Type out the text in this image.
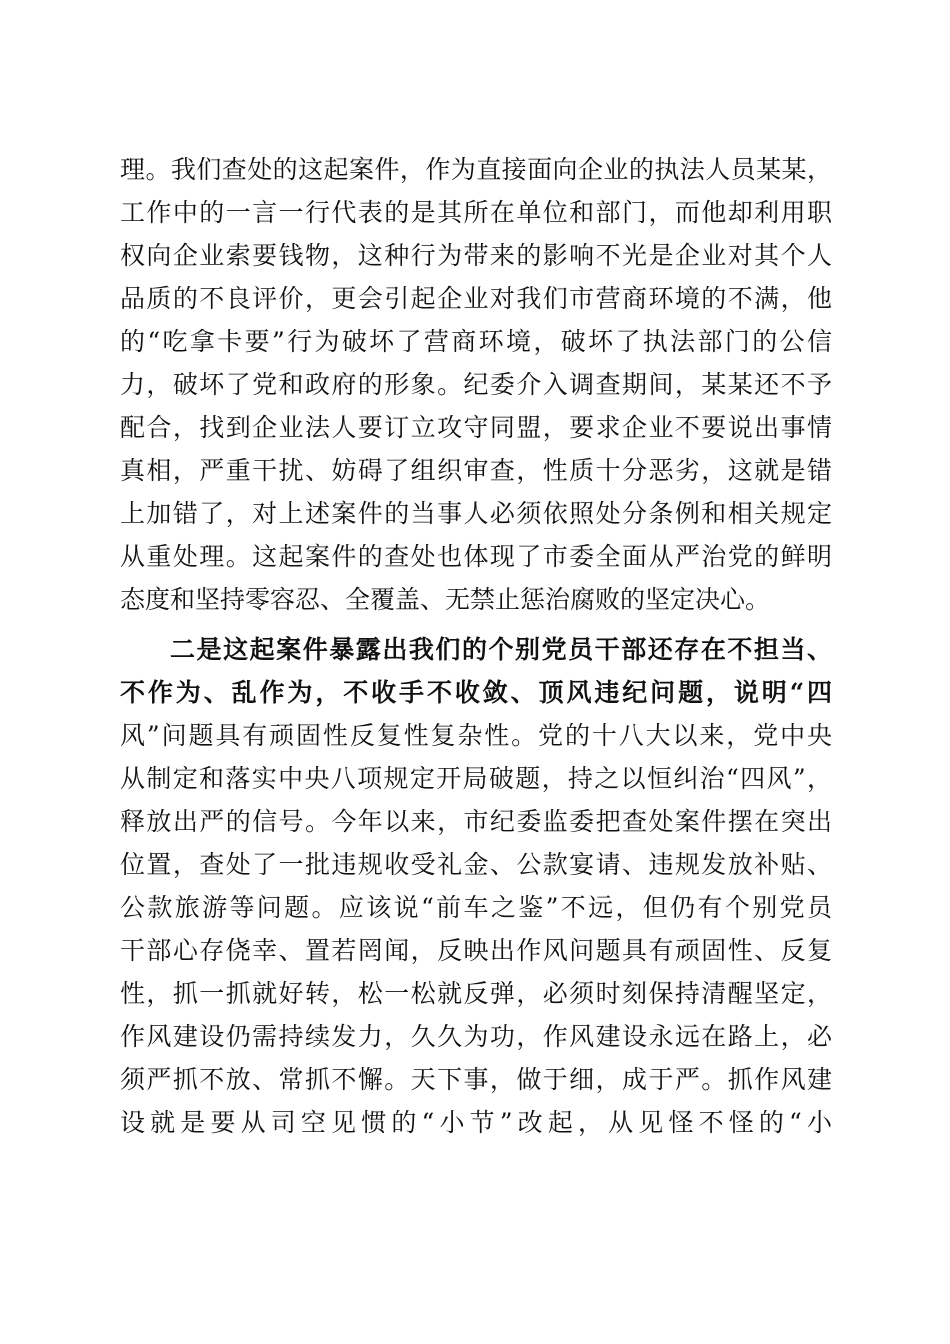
理。我们查处的这起案件，作为直接面向企业的执法人员某某，
工作中的一言一行代表的是其所在单位和部门，而他却利用职
权向企业索要钱物，这种行为带来的影响不光是企业对其个人
品质的不良评价，更会引起企业对我们市营商环境的不满，他
的“吃拿卡要”行为破坏了营商环境，破坏了执法部门的公信
力，破坏了党和政府的形象。纪委介入调查期间，某某还不予
配合，找到企业法人要订立攻守同盟，要求企业不要说出事情
真相，严重干扰、妨碍了组织审查，性质十分恶劣，这就是错
上加错了，对上述案件的当事人必须依照处分条例和相关规定
从重处理。这起案件的查处也体现了市委全面从严治党的鲜明
态度和坚持零容忍、全覆盖、无禁止惩治腐败的坚定决心。
二是这起案件暴露出我们的个别党员干部还存在不担当、
不作为、乱作为，不收手不收敛、顶风违纪问题，说明“四
风”问题具有顽固性反复性复杂性。党的十八大以来，党中央
从制定和落实中央八项规定开局破题，持之以恒纠治“四风”，
释放出严的信号。今年以来，市纪委监委把查处案件摆在突出
位置，查处了一批违规收受礼金、公款宴请、违规发放补贴、
公款旅游等问题。应该说“前车之鉴”不远，但仍有个别党员
干部心存侥幸、置若罔闻，反映出作风问题具有顽固性、反复
性，抓一抓就好转，松一松就反弹，必须时刻保持清醒坚定，
作风建设仍需持续发力，久久为功，作风建设永远在路上，必
须严抓不放、常抓不懈。天下事，做于细，成于严。抓作风建
设就是要从司空见惯的“小节”改起，从见怪不怪的“小
